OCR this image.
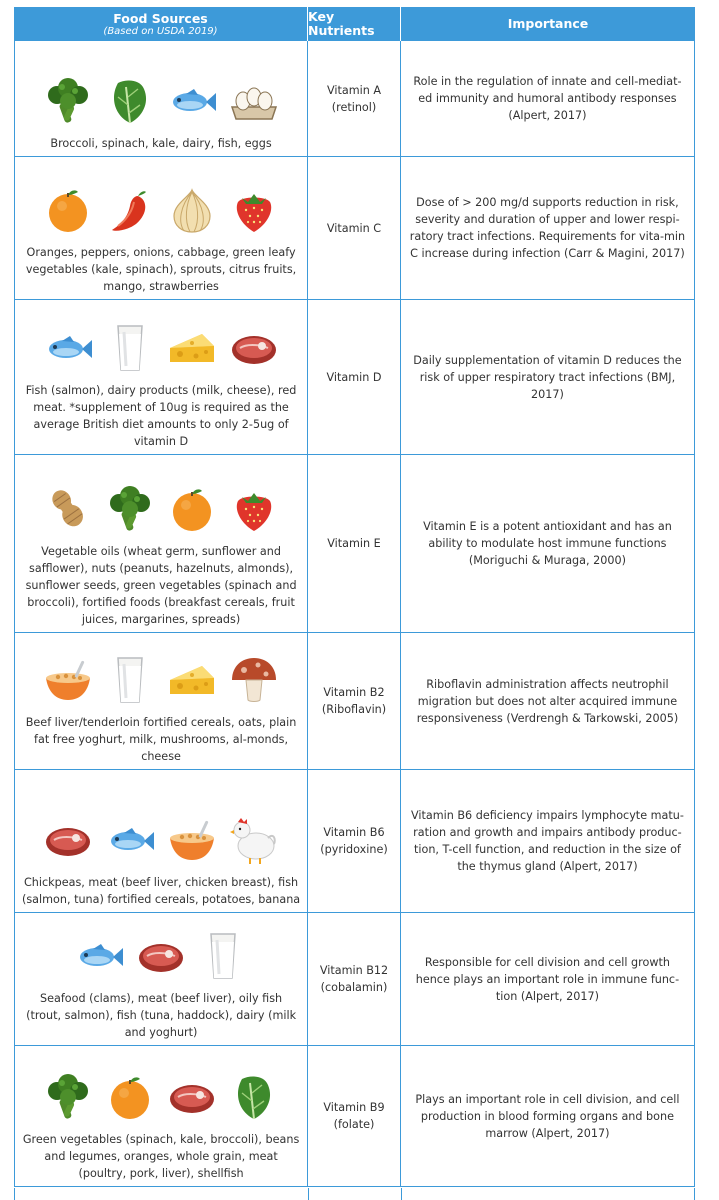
Food Sources
(Based on USDA 2019)
Key Nutrients	Importance
Broccoli, spinach, kale, dairy, fish, eggs
Vitamin A (retinol)
Role in the regulation of innate and cell-mediat-ed immunity and humoral antibody responses (Alpert, 2017)
Oranges, peppers, onions, cabbage, green leafy vegetables (kale, spinach), sprouts, citrus fruits, mango, strawberries
Vitamin C
Dose of > 200 mg/d supports reduction in risk, severity and duration of upper and lower respi-ratory tract infections. Requirements for vita-min C increase during infection (Carr & Magini, 2017)
Fish (salmon), dairy products (milk, cheese), red meat. *supplement of 10ug is required as the average British diet amounts to only 2-5ug of vitamin D
Vitamin D
Daily supplementation of vitamin D reduces the risk of upper respiratory tract infections (BMJ, 2017)
Vegetable oils (wheat germ, sunflower and safflower), nuts (peanuts, hazelnuts, almonds), sunflower seeds, green vegetables (spinach and broccoli), fortified foods (breakfast cereals, fruit juices, margarines, spreads)
Vitamin E
Vitamin E is a potent antioxidant and has an ability to modulate host immune functions (Moriguchi & Muraga, 2000)
Beef liver/tenderloin fortified cereals, oats, plain fat free yoghurt, milk, mushrooms, al-monds, cheese
Vitamin B2 (Riboflavin)
Riboflavin administration affects neutrophil migration but does not alter acquired immune responsiveness (Verdrengh & Tarkowski, 2005)
Chickpeas, meat (beef liver, chicken breast), fish (salmon, tuna) fortified cereals, potatoes, banana
Vitamin B6 (pyridoxine)
Vitamin B6 deficiency impairs lymphocyte matu-ration and growth and impairs antibody produc-tion, T-cell function, and reduction in the size of the thymus gland (Alpert, 2017)
Seafood (clams), meat (beef liver), oily fish (trout, salmon), fish (tuna, haddock), dairy (milk and yoghurt)
Vitamin B12 (cobalamin)
Responsible for cell division and cell growth hence plays an important role in immune func-tion (Alpert, 2017)
Green vegetables (spinach, kale, broccoli), beans and legumes, oranges, whole grain, meat (poultry, pork, liver), shellfish
Vitamin B9 (folate)
Plays an important role in cell division, and cell production in blood forming organs and bone marrow (Alpert, 2017)
